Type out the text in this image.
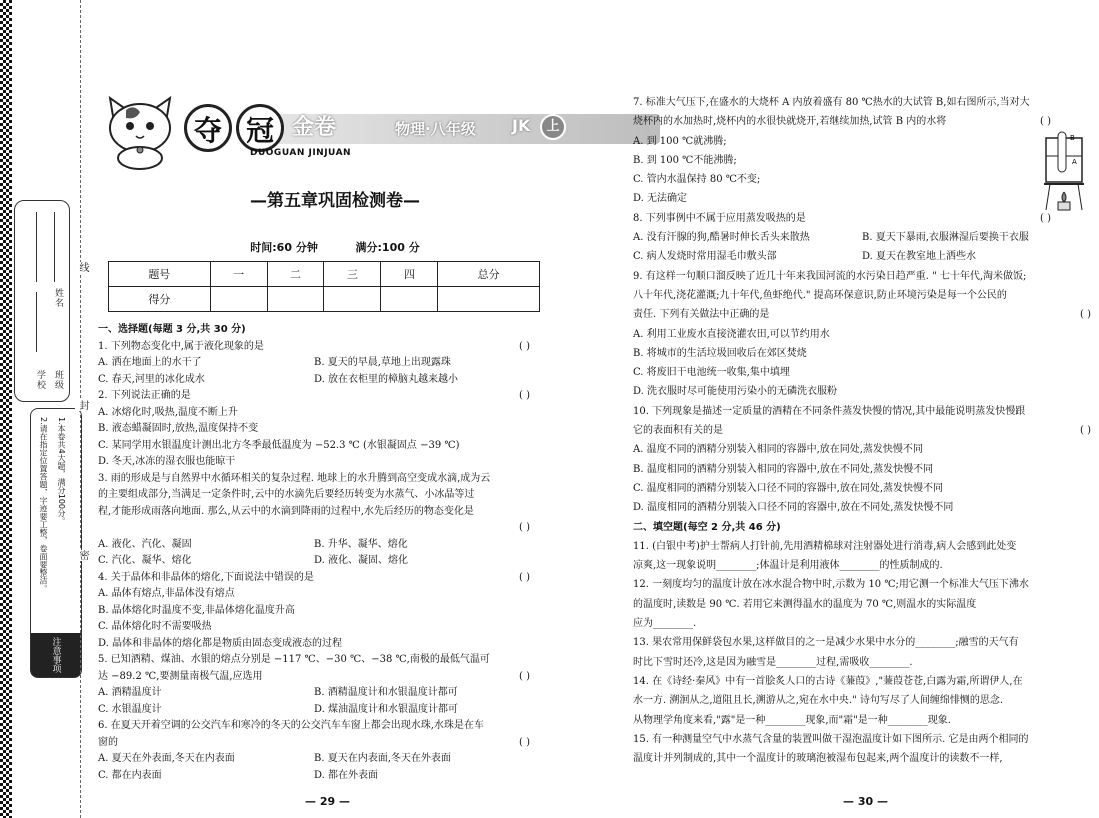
姓名
学校 班级
1.本卷共4大题，满分100分。
2.请在指定位置答题，字迹要工整，卷面要整洁。
注意事项
线
封
密
夺 冠 金卷	物理·八年级 JK	上
DUOGUAN JINJUAN
—第五章巩固检测卷—
时间:60 分钟	满分:100 分
题号	一	二	三	四	总分
得分					
一、选择题(每题 3 分,共 30 分)
1. 下列物态变化中,属于液化现象的是	( )
A. 洒在地面上的水干了	B. 夏天的早晨,草地上出现露珠
C. 春天,河里的冰化成水	D. 放在衣柜里的樟脑丸越来越小
2. 下列说法正确的是	( )
A. 冰熔化时,吸热,温度不断上升
B. 液态蜡凝固时,放热,温度保持不变
C. 某同学用水银温度计测出北方冬季最低温度为 −52.3 ℃ (水银凝固点 −39 ℃)
D. 冬天,冰冻的湿衣服也能晾干
3. 雨的形成是与自然界中水循环相关的复杂过程. 地球上的水升腾到高空变成水滴,成为云
的主要组成部分,当满足一定条件时,云中的水滴先后要经历转变为水蒸气、小冰晶等过
程,才能形成雨落向地面. 那么,从云中的水滴到降雨的过程中,水先后经历的物态变化是
( )
A. 液化、汽化、凝固	B. 升华、凝华、熔化
C. 汽化、凝华、熔化	D. 液化、凝固、熔化
4. 关于晶体和非晶体的熔化,下面说法中错误的是	( )
A. 晶体有熔点,非晶体没有熔点
B. 晶体熔化时温度不变,非晶体熔化温度升高
C. 晶体熔化时不需要吸热
D. 晶体和非晶体的熔化都是物质由固态变成液态的过程
5. 已知酒精、煤油、水银的熔点分别是 −117 ℃、−30 ℃、−38 ℃,南极的最低气温可
达 −89.2 ℃,要测量南极气温,应选用	( )
A. 酒精温度计	B. 酒精温度计和水银温度计都可
C. 水银温度计	D. 煤油温度计和水银温度计都可
6. 在夏天开着空调的公交汽车和寒冷的冬天的公交汽车车窗上都会出现水珠,水珠是在车
窗的	( )
A. 夏天在外表面,冬天在内表面	B. 夏天在内表面,冬天在外表面
C. 都在内表面	D. 都在外表面
7. 标准大气压下,在盛水的大烧杯 A 内放着盛有 80 ℃热水的大试管 B,如右图所示,当对大
烧杯内的水加热时,烧杯内的水很快就烧开,若继续加热,试管 B 内的水将	( )
A. 到 100 ℃就沸腾;
B. 到 100 ℃不能沸腾;
C. 管内水温保持 80 ℃不变;
D. 无法确定
8. 下列事例中不属于应用蒸发吸热的是	( )
A. 没有汗腺的狗,酷暑时伸长舌头来散热	B. 夏天下暴雨,衣服淋湿后要换干衣服
C. 病人发烧时常用湿毛巾敷头部	D. 夏天在教室地上洒些水
9. 有这样一句顺口溜反映了近几十年来我国河流的水污染日趋严重. " 七十年代,淘米做饭;
八十年代,浇花灌溉;九十年代,鱼虾绝代." 提高环保意识,防止环境污染是每一个公民的
责任. 下列有关做法中正确的是	( )
A. 利用工业废水直接浇灌农田,可以节约用水
B. 将城市的生活垃圾回收后在郊区焚烧
C. 将废旧干电池统一收集,集中填埋
D. 洗衣服时尽可能使用污染小的无磷洗衣服粉
10. 下列现象是描述一定质量的酒精在不同条件蒸发快慢的情况,其中最能说明蒸发快慢跟
它的表面积有关的是	( )
A. 温度不同的酒精分别装入相同的容器中,放在同处,蒸发快慢不同
B. 温度相同的酒精分别装入相同的容器中,放在不同处,蒸发快慢不同
C. 温度相同的酒精分别装入口径不同的容器中,放在同处,蒸发快慢不同
D. 温度相同的酒精分别装入口径不同的容器中,放在不同处,蒸发快慢不同
二、填空题(每空 2 分,共 46 分)
11. (白银中考)护士帮病人打针前,先用酒精棉球对注射器处进行消毒,病人会感到此处变
凉爽,这一现象说明________;体温计是利用液体________的性质制成的.
12. 一刻度均匀的温度计放在冰水混合物中时,示数为 10 ℃;用它测一个标准大气压下沸水
的温度时,读数是 90 ℃. 若用它来测得温水的温度为 70 ℃,则温水的实际温度
应为________.
13. 果农常用保鲜袋包水果,这样做目的之一是减少水果中水分的________;融雪的天气有
时比下雪时还冷,这是因为融雪是________过程,需吸收________.
14. 在《诗经·秦风》中有一首脍炙人口的古诗《蒹葭》,"蒹葭苍苍,白露为霜,所谓伊人,在
水一方. 溯洄从之,道阻且长,溯游从之,宛在水中央." 诗句写尽了人间缠绵悱恻的思念.
从物理学角度来看,"露"是一种________现象,而"霜"是一种________现象.
15. 有一种测量空气中水蒸气含量的装置叫做干湿泡温度计如下图所示. 它是由两个相同的
温度计并列制成的,其中一个温度计的玻璃泡被湿布包起来,两个温度计的读数不一样,
B
A
— 29 —	— 30 —
